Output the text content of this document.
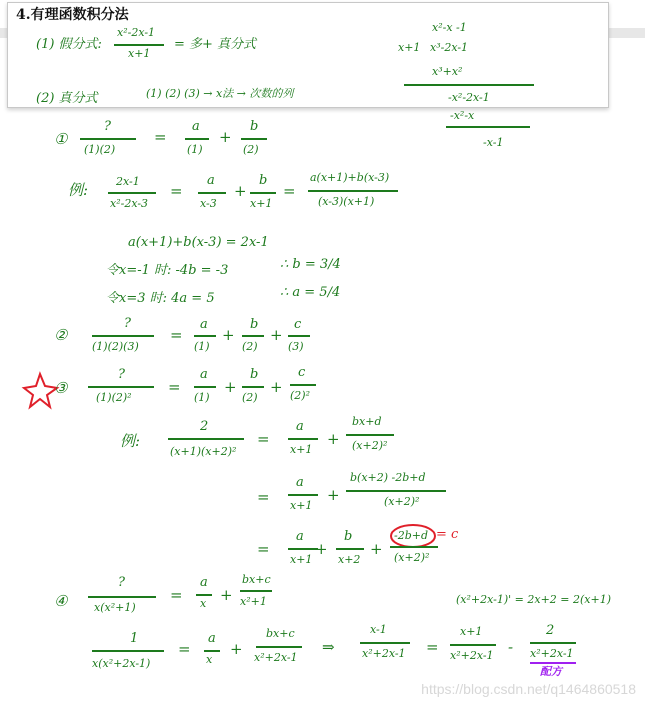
4.有理函数积分法
(1) 假分式:
x²-2x-1
x+1
= 多+ 真分式
(2) 真分式	(1) (2) (3) → x法 → 次数的列
x²-x -1
x+1 x³-2x-1
x³+x²
-x²-2x-1
-x²-x
-x-1
①
?
(1)(2)
=
a
(1)
+
b
(2)
例:	2x-1
x²-2x-3
=
a
x-3
+
b
x+1
=
a(x+1)+b(x-3)
(x-3)(x+1)
a(x+1)+b(x-3) = 2x-1
令x=-1 时: -4b = -3	∴ b = 3/4
令x=3 时: 4a = 5	∴ a = 5/4
②
?
(1)(2)(3)
=
a
(1)
+
b
(2)
+
c
(3)
③
?
(1)(2)²
=
a
(1)
+
b
(2)
+
c
(2)²
例:
2
(x+1)(x+2)²
=
a
x+1
+
bx+d
(x+2)²
=
a
x+1
+
b(x+2) -2b+d
(x+2)²
=
a
x+1
+
b
x+2
+
-2b+d
(x+2)²
= c
④
?
x(x²+1)
=
a
x +
bx+c
x²+1	(x²+2x-1)' = 2x+2 = 2(x+1)
1
x(x²+2x-1)
=
a
x
+
bx+c
x²+2x-1
⇒
x-1
x²+2x-1 =
x+1
x²+2x-1 -
2
x²+2x-1
配方
https://blog.csdn.net/q1464860518
